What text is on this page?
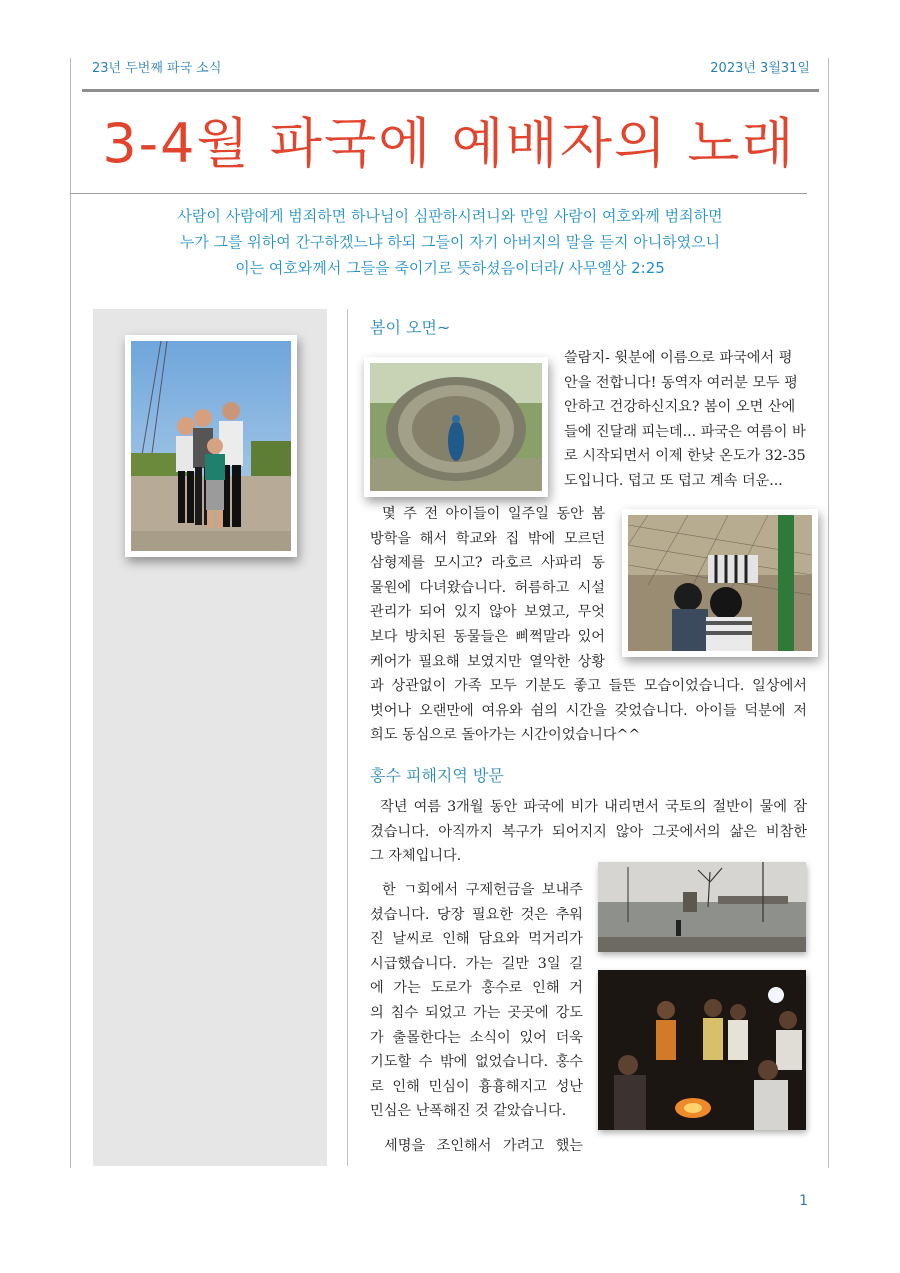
23년 두번째 파국 소식	2023년 3월31일
3-4월 파국에 예배자의 노래
사람이 사람에게 범죄하면 하나님이 심판하시려니와 만일 사람이 여호와께 범죄하면
누가 그를 위하여 간구하겠느냐 하되 그들이 자기 아버지의 말을 듣지 아니하였으니
이는 여호와께서 그들을 죽이기로 뜻하셨음이더라/ 사무엘상 2:25
봄이 오면~
쓸람지- 윗분에 이름으로 파국에서 평
안을 전합니다! 동역자 여러분 모두 평
안하고 건강하신지요? 봄이 오면 산에
들에 진달래 피는데... 파국은 여름이 바
로 시작되면서 이제 한낮 온도가 32-35
도입니다. 덥고 또 덥고 계속 더운...
몇 주 전 아이들이 일주일 동안 봄
방학을 해서 학교와 집 밖에 모르던
삼형제를 모시고? 라호르 사파리 동
물원에 다녀왔습니다. 허름하고 시설
관리가 되어 있지 않아 보였고, 무엇
보다 방치된 동물들은 삐쩍말라 있어
케어가 필요해 보였지만 열악한 상황
과 상관없이 가족 모두 기분도 좋고 들뜬 모습이었습니다. 일상에서
벗어나 오랜만에 여유와 쉼의 시간을 갖었습니다. 아이들 덕분에 저
희도 동심으로 돌아가는 시간이었습니다^^
홍수 피해지역 방문
작년 여름 3개월 동안 파국에 비가 내리면서 국토의 절반이 물에 잠
겼습니다. 아직까지 복구가 되어지지 않아 그곳에서의 삶은 비참한
그 자체입니다.
한 ㄱ회에서 구제헌금을 보내주
셨습니다. 당장 필요한 것은 추워
진 날씨로 인해 담요와 먹거리가
시급했습니다. 가는 길만 3일 길
에 가는 도로가 홍수로 인해 거
의 침수 되었고 가는 곳곳에 강도
가 출몰한다는 소식이 있어 더욱
기도할 수 밖에 없었습니다. 홍수
로 인해 민심이 흉흉해지고 성난
민심은 난폭해진 것 같았습니다.
세명을 조인해서 가려고 했는
1
